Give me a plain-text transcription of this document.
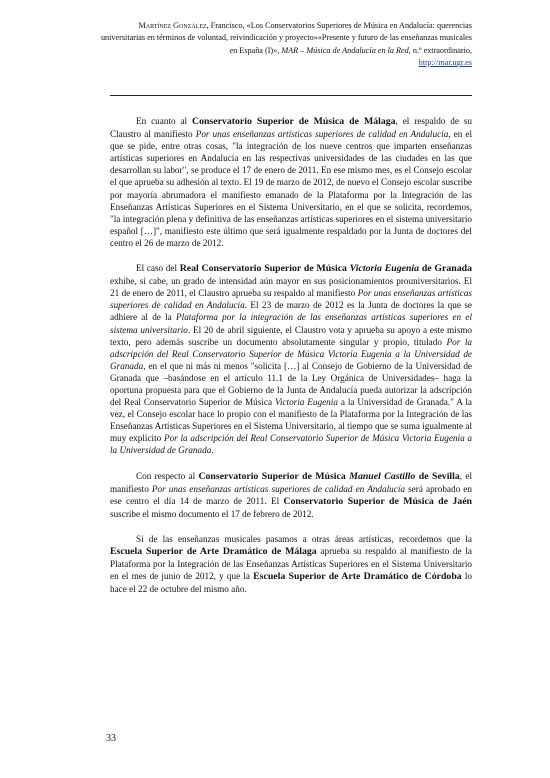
Martínez González, Francisco, «Los Conservatorios Superiores de Música en Andalucía: querencias universitarias en términos de voluntad, reivindicación y proyecto»«Presente y futuro de las enseñanzas musicales en España (I)», MAR – Música de Andalucía en la Red, n.º extraordinario,
http://mar.ugr.es

En cuanto al Conservatorio Superior de Música de Málaga, el respaldo de su Claustro al manifiesto Por unas enseñanzas artísticas superiores de calidad en Andalucía, en el que se pide, entre otras cosas, "la integración de los nueve centros que imparten enseñanzas artísticas superiores en Andalucía en las respectivas universidades de las ciudades en las que desarrollan su labor", se produce el 17 de enero de 2011. En ese mismo mes, es el Consejo escolar el que aprueba su adhesión al texto. El 19 de marzo de 2012, de nuevo el Consejo escolar suscribe por mayoría abrumadora el manifiesto emanado de la Plataforma por la Integración de las Enseñanzas Artísticas Superiores en el Sistema Universitario, en el que se solicita, recordemos, "la integración plena y definitiva de las enseñanzas artísticas superiores en el sistema universitario español […]", manifiesto este último que será igualmente respaldado por la Junta de doctores del centro el 26 de marzo de 2012.

El caso del Real Conservatorio Superior de Música Victoria Eugenia de Granada exhibe, si cabe, un grado de intensidad aún mayor en sus posicionamientos prouniversitarios. El 21 de enero de 2011, el Claustro aprueba su respaldo al manifiesto Por unas enseñanzas artísticas superiores de calidad en Andalucía. El 23 de marzo de 2012 es la Junta de doctores la que se adhiere al de la Plataforma por la integración de las enseñanzas artísticas superiores en el sistema universitario. El 20 de abril siguiente, el Claustro vota y aprueba su apoyo a este mismo texto, pero además suscribe un documento absolutamente singular y propio, titulado Por la adscripción del Real Conservatorio Superior de Música Victoria Eugenia a la Universidad de Granada, en el que ni más ni menos "solicita […] al Consejo de Gobierno de la Universidad de Granada que –basándose en el artículo 11.1 de la Ley Orgánica de Universidades– haga la oportuna propuesta para que el Gobierno de la Junta de Andalucía pueda autorizar la adscripción del Real Conservatorio Superior de Música Victoria Eugenia a la Universidad de Granada." A la vez, el Consejo escolar hace lo propio con el manifiesto de la Plataforma por la Integración de las Enseñanzas Artísticas Superiores en el Sistema Universitario, al tiempo que se suma igualmente al muy explícito Por la adscripción del Real Conservatorio Superior de Música Victoria Eugenia a la Universidad de Granada.

Con respecto al Conservatorio Superior de Música Manuel Castillo de Sevilla, el manifiesto Por unas enseñanzas artísticas superiores de calidad en Andalucía será aprobado en ese centro el día 14 de marzo de 2011. El Conservatorio Superior de Música de Jaén suscribe el mismo documento el 17 de febrero de 2012.

Si de las enseñanzas musicales pasamos a otras áreas artísticas, recordemos que la Escuela Superior de Arte Dramático de Málaga aprueba su respaldo al manifiesto de la Plataforma por la Integración de las Enseñanzas Artísticas Superiores en el Sistema Universitario en el mes de junio de 2012, y que la Escuela Superior de Arte Dramático de Córdoba lo hace el 22 de octubre del mismo año.

33
